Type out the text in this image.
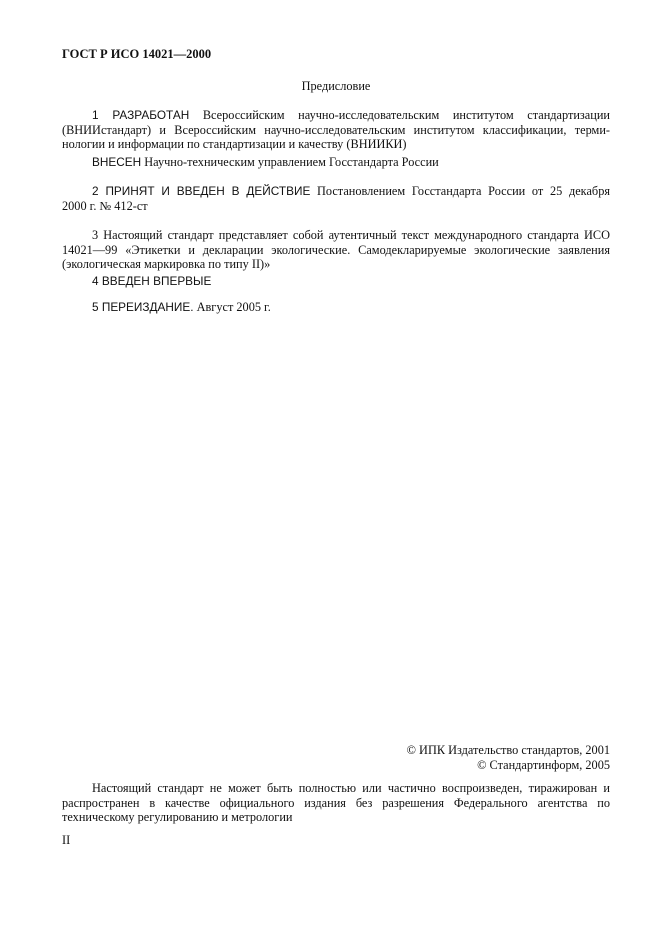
ГОСТ Р ИСО 14021—2000
Предисловие
1 РАЗРАБОТАН Всероссийским научно-исследовательским институтом стандартизации
(ВНИИстандарт) и Всероссийским научно-исследовательским институтом классификации, терми-
нологии и информации по стандартизации и качеству (ВНИИКИ)
ВНЕСЕН Научно-техническим управлением Госстандарта России
2 ПРИНЯТ И ВВЕДЕН В ДЕЙСТВИЕ Постановлением Госстандарта России от 25 декабря
2000 г. № 412-ст
3 Настоящий стандарт представляет собой аутентичный текст международного стандарта ИСО
14021—99 «Этикетки и декларации экологические. Самодекларируемые экологические заявления
(экологическая маркировка по типу II)»
4 ВВЕДЕН ВПЕРВЫЕ
5 ПЕРЕИЗДАНИЕ. Август 2005 г.
© ИПК Издательство стандартов, 2001
© Стандартинформ, 2005
Настоящий стандарт не может быть полностью или частично воспроизведен, тиражирован и
распространен в качестве официального издания без разрешения Федерального агентства по
техническому регулированию и метрологии
II
